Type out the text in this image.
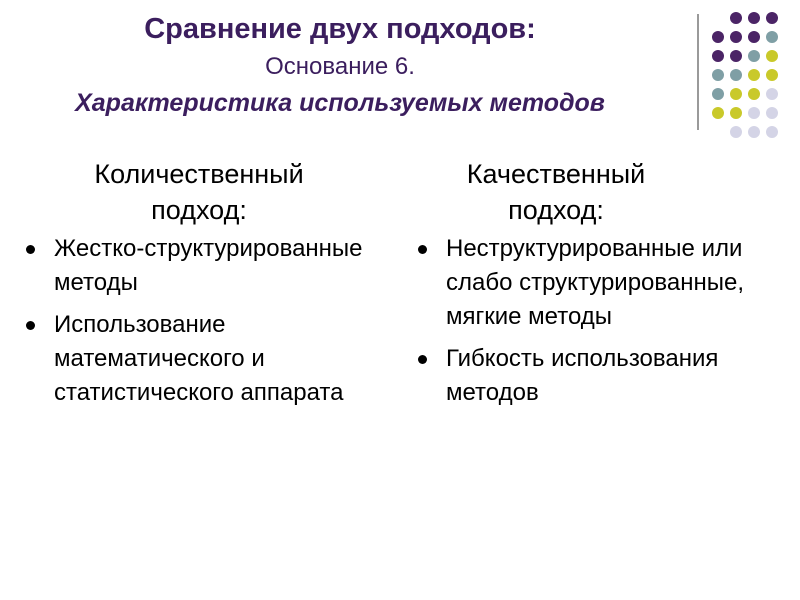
Сравнение двух подходов:
Основание 6.
Характеристика используемых методов
Количественный
подход:
Жестко-структурированные методы
Использование математического и статистического аппарата
Качественный
подход:
Неструктурированные или слабо структурированные, мягкие методы
Гибкость использования методов
